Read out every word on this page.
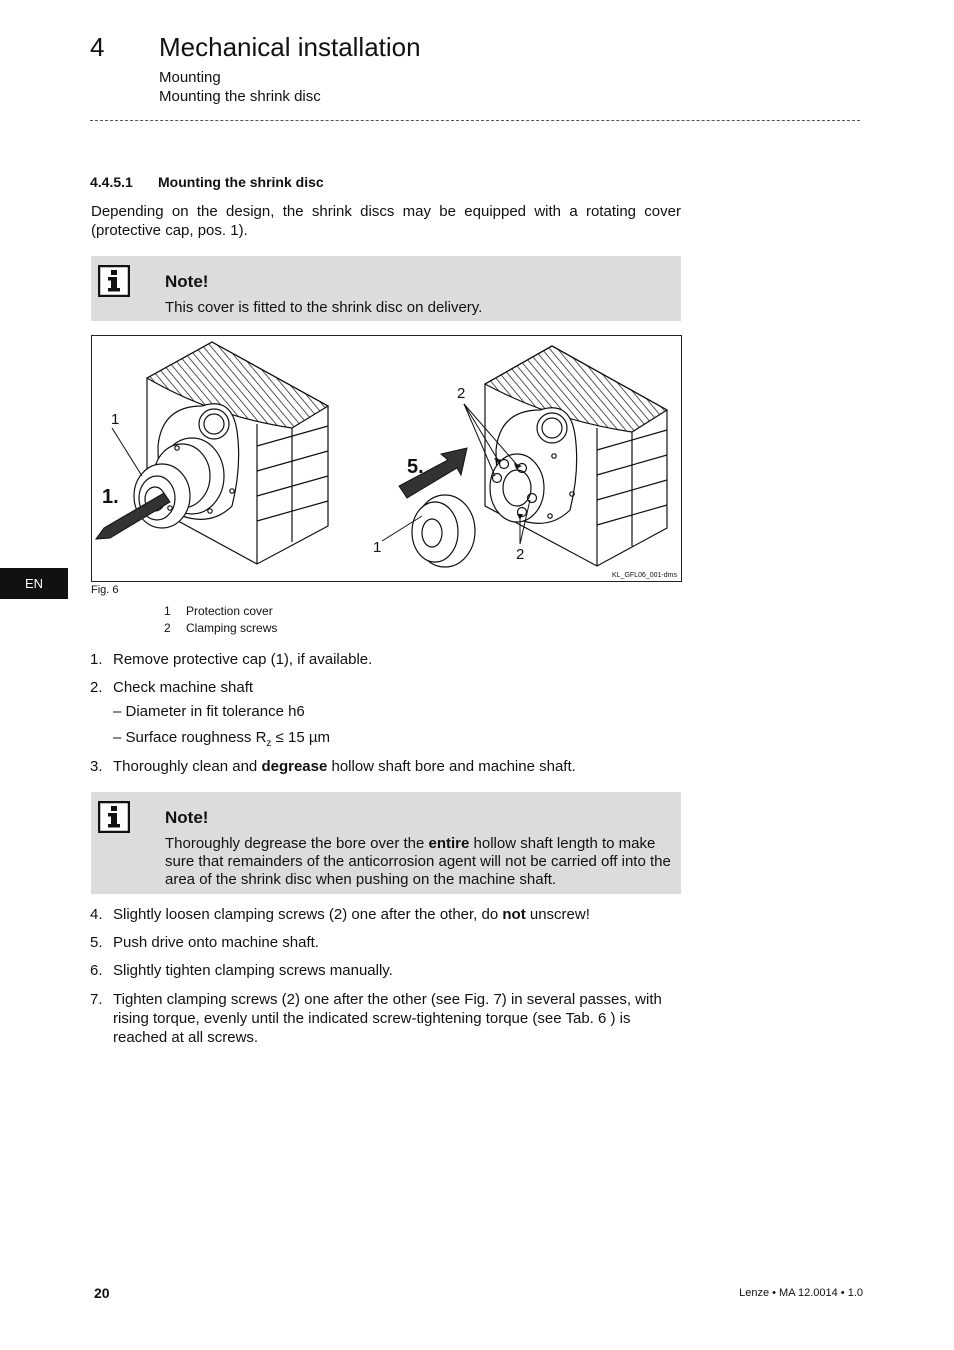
4 Mechanical installation
Mounting
Mounting the shrink disc
4.4.5.1 Mounting the shrink disc

Depending on the design, the shrink discs may be equipped with a rotating cover (protective cap, pos. 1).

Note!
This cover is fitted to the shrink disc on delivery.
1
1.
5.
2
2
1
KL_GFL06_001-dms
Fig. 6
1 Protection cover
2 Clamping screws
1. Remove protective cap (1), if available.
2. Check machine shaft
– Diameter in fit tolerance h6
– Surface roughness $R_z \le 15$ µm
3. Thoroughly clean and degrease hollow shaft bore and machine shaft.
Note!
Thoroughly degrease the bore over the entire hollow shaft length to make sure that remainders of the anticorrosion agent will not be carried off into the area of the shrink disc when pushing on the machine shaft.
4. Slightly loosen clamping screws (2) one after the other, do not unscrew!
5. Push drive onto machine shaft.
6. Slightly tighten clamping screws manually.
7. Tighten clamping screws (2) one after the other (see Fig. 7) in several passes, with rising torque, evenly until the indicated screw-tightening torque (see Tab. 6 ) is reached at all screws.
EN
20	Lenze • MA 12.0014 • 1.0
